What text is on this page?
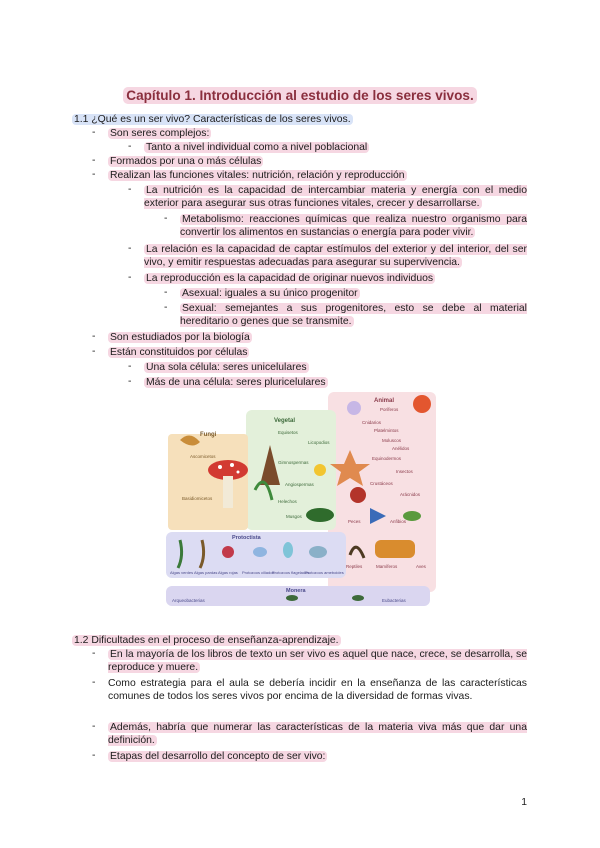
Capítulo 1. Introducción al estudio de los seres vivos.
1.1 ¿Qué es un ser vivo? Características de los seres vivos.
-	Son seres complejos:
-	Tanto a nivel individual como a nivel poblacional
-	Formados por una o más células
-	Realizan las funciones vitales: nutrición, relación y reproducción
-	La nutrición es la capacidad de intercambiar materia y energía con el medio exterior para asegurar sus otras funciones vitales, crecer y desarrollarse.
-	Metabolismo: reacciones químicas que realiza nuestro organismo para convertir los alimentos en sustancias o energía para poder vivir.
-	La relación es la capacidad de captar estímulos del exterior y del interior, del ser vivo, y emitir respuestas adecuadas para asegurar su supervivencia.
-	La reproducción es la capacidad de originar nuevos individuos
-	Asexual: iguales a su único progenitor
-	Sexual: semejantes a sus progenitores, esto se debe al material hereditario o genes que se transmite.
-	Son estudiados por la biología
-	Están constituidos por células
-	Una sola célula: seres unicelulares
-	Más de una célula: seres pluricelulares
Fungi
Ascomicetos
Basidiomicetos
Vegetal
Equisetos
Licopodios
Gimnospermas
Angiospermas
Helechos
Musgos
Animal
Poríferos
Cnidarios
Platelmintos
Moluscos
Anélidos
Equinodermos
Insectos
Crustáceos
Arácnidos
Peces	Anfibios
Reptiles	Mamíferos	Aves
Protoctista
Algas verdes Algas pardas Algas rojas Protozoos ciliados
Protozoos flagelados
Protozoos ameboides
Monera
Arqueobacterias	Eubacterias
1.2 Dificultades en el proceso de enseñanza-aprendizaje.
-	En la mayoría de los libros de texto un ser vivo es aquel que nace, crece, se desarrolla, se reproduce y muere.
-	Como estrategia para el aula se debería incidir en la enseñanza de las características comunes de todos los seres vivos por encima de la diversidad de formas vivas.
-	Además, habría que numerar las características de la materia viva más que dar una definición.
-	Etapas del desarrollo del concepto de ser vivo:
1
